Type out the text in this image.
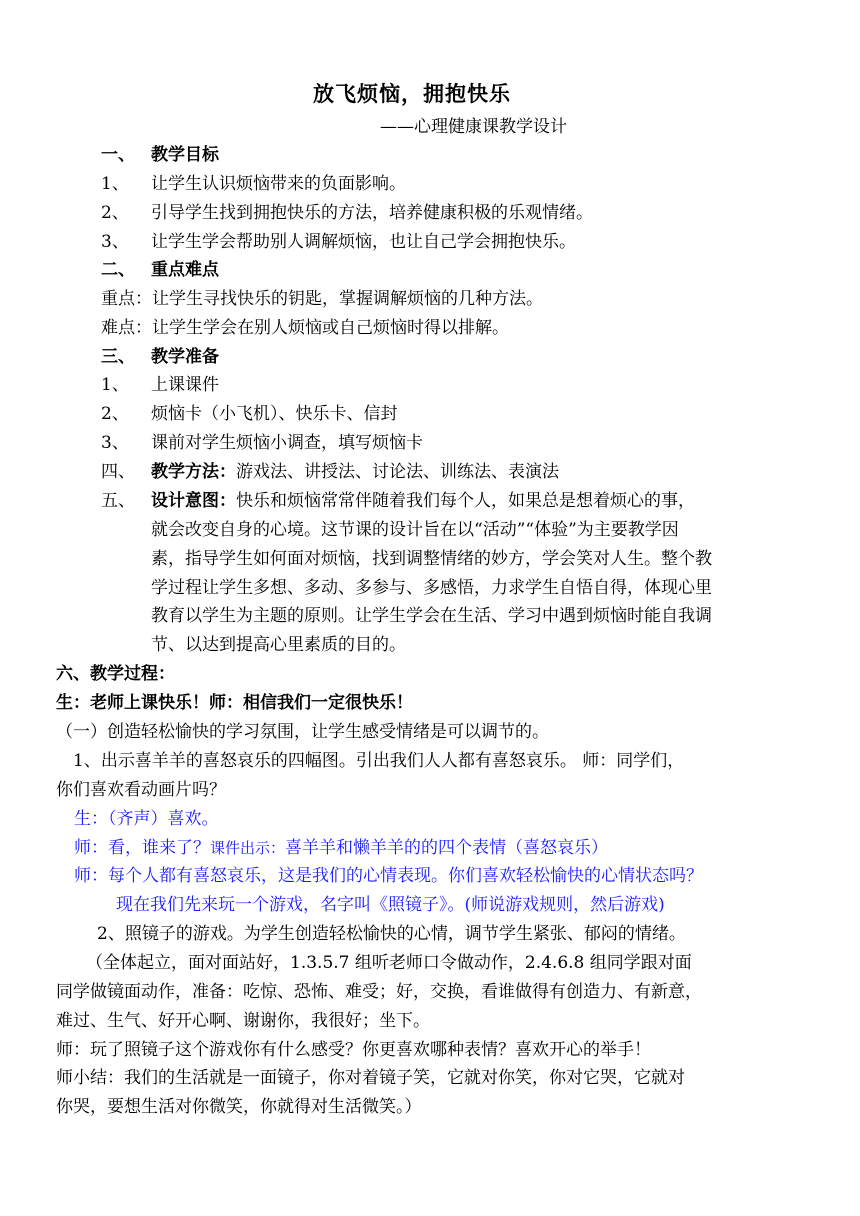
放飞烦恼，拥抱快乐
——心理健康课教学设计
一、 教学目标
1、 让学生认识烦恼带来的负面影响。
2、 引导学生找到拥抱快乐的方法，培养健康积极的乐观情绪。
3、 让学生学会帮助别人调解烦恼，也让自己学会拥抱快乐。
二、 重点难点
重点：让学生寻找快乐的钥匙，掌握调解烦恼的几种方法。
难点：让学生学会在别人烦恼或自己烦恼时得以排解。
三、 教学准备
1、 上课课件
2、 烦恼卡（小飞机）、快乐卡、信封
3、 课前对学生烦恼小调查，填写烦恼卡
四、 教学方法：游戏法、讲授法、讨论法、训练法、表演法
五、 设计意图：快乐和烦恼常常伴随着我们每个人，如果总是想着烦心的事，
就会改变自身的心境。这节课的设计旨在以“活动”“体验”为主要教学因
素，指导学生如何面对烦恼，找到调整情绪的妙方，学会笑对人生。整个教
学过程让学生多想、多动、多参与、多感悟，力求学生自悟自得，体现心里
教育以学生为主题的原则。让学生学会在生活、学习中遇到烦恼时能自我调
节、以达到提高心里素质的目的。
六、教学过程：
生：老师上课快乐！师：相信我们一定很快乐！
（一）创造轻松愉快的学习氛围，让学生感受情绪是可以调节的。
1、出示喜羊羊的喜怒哀乐的四幅图。引出我们人人都有喜怒哀乐。 师：同学们，
你们喜欢看动画片吗？
生：（齐声）喜欢。
师：看，谁来了？课件出示：喜羊羊和懒羊羊的的四个表情（喜怒哀乐）
师：每个人都有喜怒哀乐，这是我们的心情表现。你们喜欢轻松愉快的心情状态吗？
现在我们先来玩一个游戏，名字叫《照镜子》。(师说游戏规则，然后游戏)
2、照镜子的游戏。为学生创造轻松愉快的心情，调节学生紧张、郁闷的情绪。
（全体起立，面对面站好，1.3.5.7 组听老师口令做动作，2.4.6.8 组同学跟对面
同学做镜面动作，准备：吃惊、恐怖、难受；好，交换，看谁做得有创造力、有新意，
难过、生气、好开心啊、谢谢你，我很好；坐下。
师：玩了照镜子这个游戏你有什么感受？你更喜欢哪种表情？喜欢开心的举手！
师小结：我们的生活就是一面镜子，你对着镜子笑，它就对你笑，你对它哭，它就对
你哭，要想生活对你微笑，你就得对生活微笑。）
